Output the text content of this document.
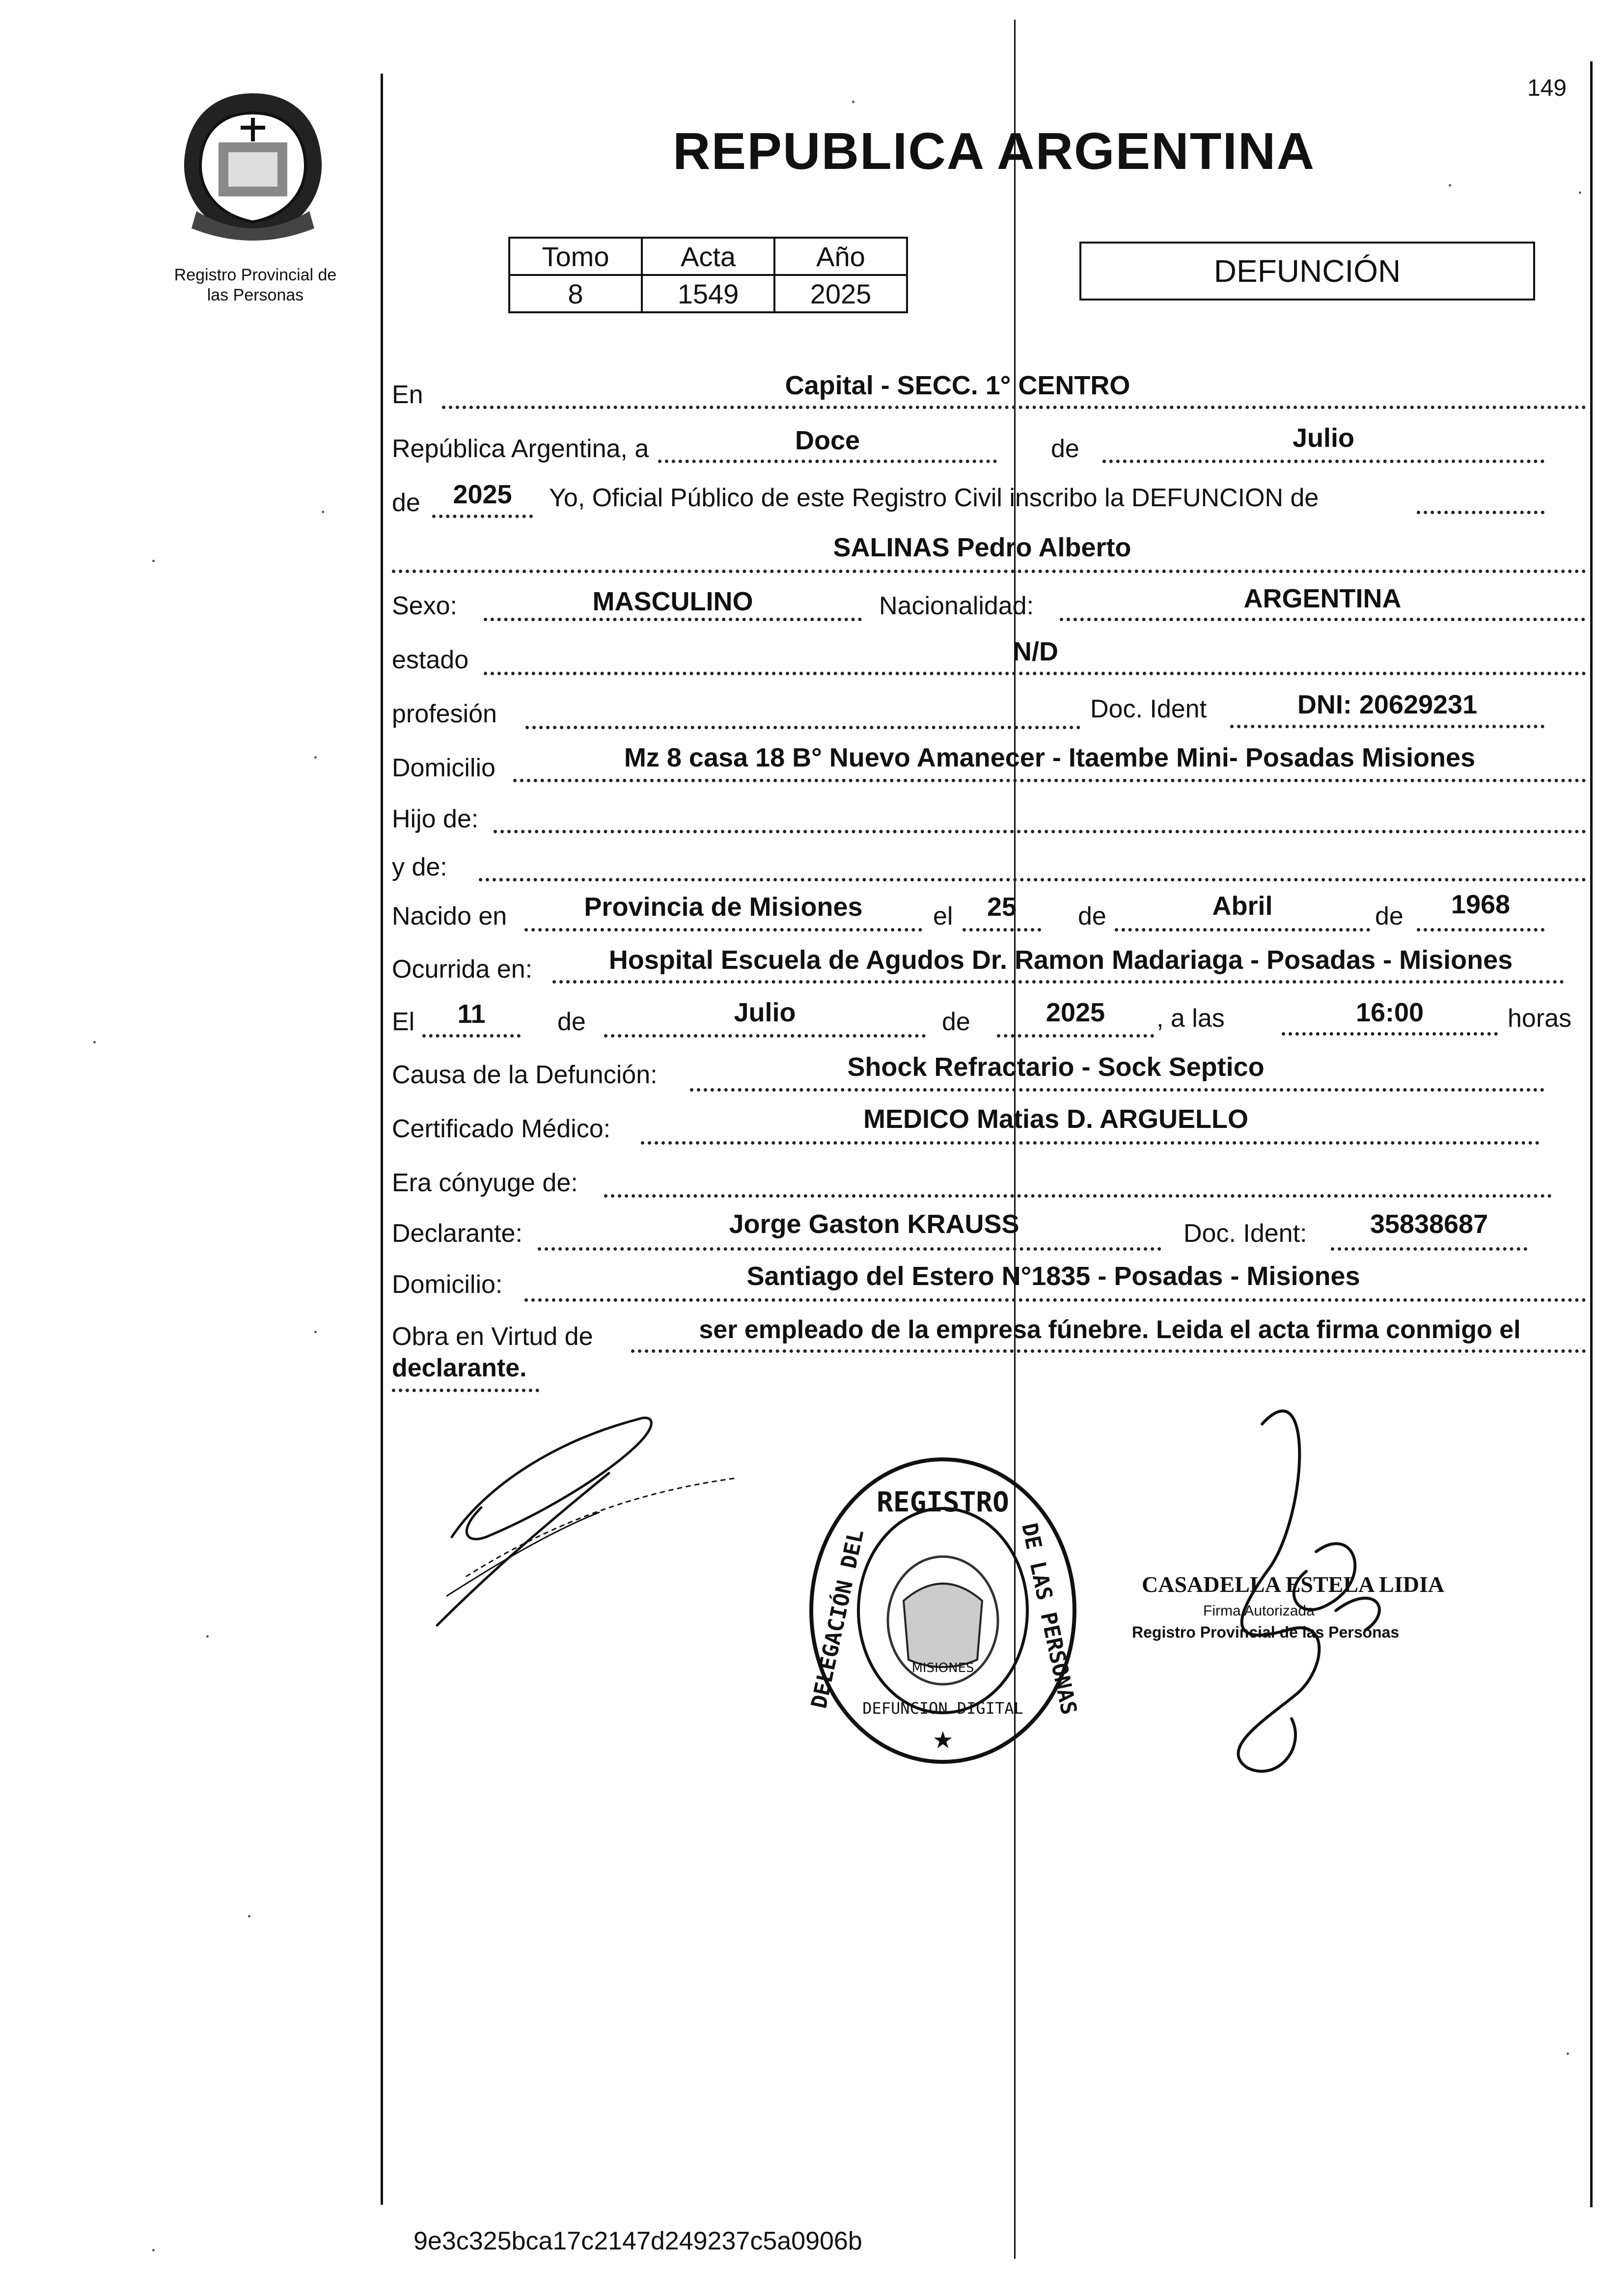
Registro Provincial de
las Personas
149
REPUBLICA ARGENTINA
Tomo	Acta	Año
8	1549	2025
DEFUNCIÓN
En	Capital - SECC. 1° CENTRO
República Argentina, a	Doce	de	Julio
de	2025	Yo, Oficial Público de este Registro Civil inscribo la DEFUNCION de
SALINAS Pedro Alberto
Sexo:	MASCULINO	Nacionalidad:	ARGENTINA
estado	N/D
profesión	Doc. Ident	DNI: 20629231
Domicilio	Mz 8 casa 18 B° Nuevo Amanecer - Itaembe Mini- Posadas Misiones
Hijo de:
y de:
Nacido en	Provincia de Misiones	el	25	de	Abril	de	1968
Ocurrida en:	Hospital Escuela de Agudos Dr. Ramon Madariaga - Posadas - Misiones
El	11	de	Julio	de	2025	, a las	16:00	horas
Causa de la Defunción:	Shock Refractario - Sock Septico
Certificado Médico:	MEDICO Matias D. ARGUELLO
Era cónyuge de:
Declarante:	Jorge Gaston KRAUSS	Doc. Ident:	35838687
Domicilio:	Santiago del Estero N°1835 - Posadas - Misiones
Obra en Virtud de	ser empleado de la empresa fúnebre. Leida el acta firma conmigo el
declarante.
REGISTRO
DELEGACIÓN DEL	DE LAS PERSONAS
DEFUNCION DIGITAL
MISIONES
★
CASADELLA ESTELA LIDIA
Firma Autorizada
Registro Provincial de las Personas
9e3c325bca17c2147d249237c5a0906b
